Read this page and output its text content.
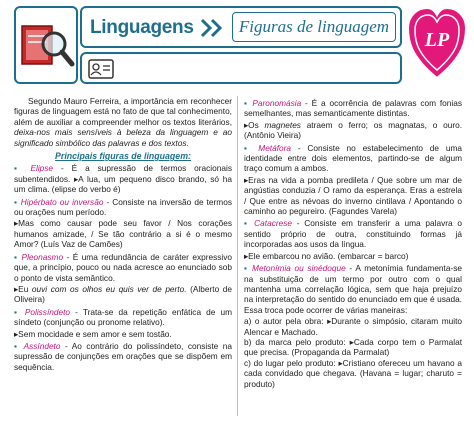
Linguagens	Figuras de linguagem
LP

Segundo Mauro Ferreira, a importância em reconhecer figuras de linguagem está no fato de que tal conhecimento, além de auxiliar a compreender melhor os textos literários, deixa-nos mais sensíveis à beleza da linguagem e ao significado simbólico das palavras e dos textos.

Principais figuras de linguagem:

▪ Elipse - É a supressão de termos oracionais subentendidos. ▸A lua, um pequeno disco brando, só ha um clima. (elipse do verbo é)

▪ Hipérbato ou inversão - Consiste na inversão de termos ou orações num período.

▸Mas como causar pode seu favor / Nos corações humanos amizade, / Se tão contrário a si é o mesmo Amor? (Luís Vaz de Camões)

▪ Pleonasmo - É uma redundância de caráter expressivo que, a princípio, pouco ou nada acresce ao enunciado sob o ponto de vista semântico.

▸Eu ouvi com os olhos eu quis ver de perto. (Alberto de Oliveira)

▪ Polissíndeto - Trata-se da repetição enfática de um síndeto (conjunção ou pronome relativo).

▸Sem mocidade e sem amor e sem tostão.

▪ Assíndeto - Ao contrário do polissíndeto, consiste na supressão de conjunções em orações que se dispõem em sequência.

▪ Paronomásia - É a ocorrência de palavras com fonias semelhantes, mas semanticamente distintas.

▸Os magnetes atraem o ferro; os magnatas, o ouro. (Antônio Vieira)

▪ Metáfora - Consiste no estabelecimento de uma identidade entre dois elementos, partindo-se de algum traço comum a ambos.

▸Eras na vida a pomba predileta / Que sobre um mar de angústias conduzia / O ramo da esperança. Eras a estrela / Que entre as névoas do inverno cintilava / Apontando o caminho ao pegureiro. (Fagundes Varela)

▪ Catacrese - Consiste em transferir a uma palavra o sentido próprio de outra, constituindo formas já incorporadas aos usos da língua.

▸Ele embarcou no avião. (embarcar = barco)

▪ Metonímia ou sinédoque - A metonímia fundamenta-se na substituição de um termo por outro com o qual mantenha uma correlação lógica, sem que haja prejuízo na interpretação do sentido do enunciado em que é usada. Essa troca pode ocorrer de várias maneiras:

a) o autor pela obra: ▸Durante o simpósio, citaram muito Alencar e Machado.
b) da marca pelo produto: ▸Cada corpo tem o Parmalat que precisa. (Propaganda da Parmalat)
c) do lugar pelo produto: ▸Cristiano ofereceu um havano a cada convidado que chegava. (Havana = lugar; charuto = produto)
